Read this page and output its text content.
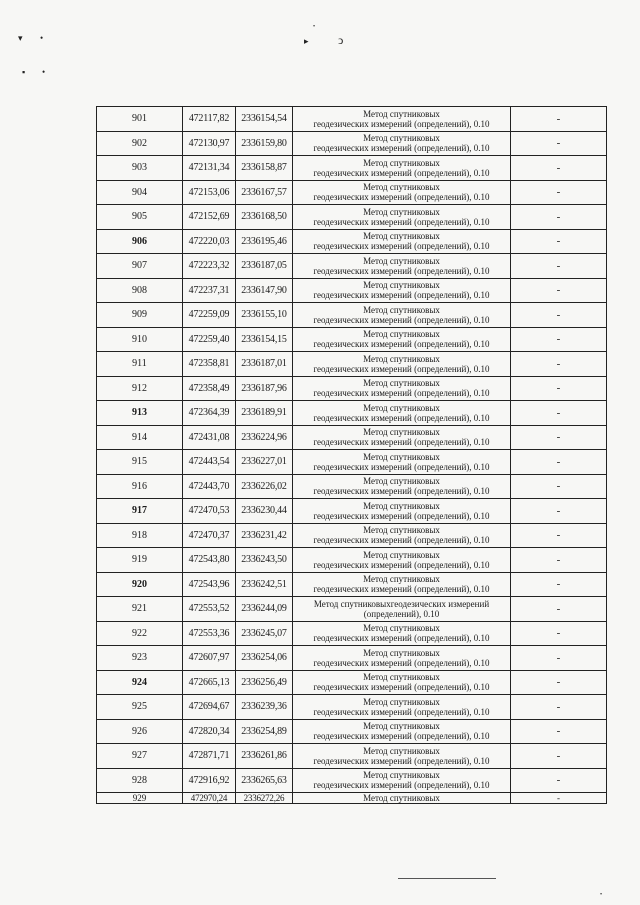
▾ •
▪ •
•
▸ ↄ
•
901	472117,82	2336154,54	Метод спутниковых
геодезических измерений (определений), 0.10	-
902	472130,97	2336159,80	Метод спутниковых
геодезических измерений (определений), 0.10	-
903	472131,34	2336158,87	Метод спутниковых
геодезических измерений (определений), 0.10	-
904	472153,06	2336167,57	Метод спутниковых
геодезических измерений (определений), 0.10	-
905	472152,69	2336168,50	Метод спутниковых
геодезических измерений (определений), 0.10	-
906	472220,03	2336195,46	Метод спутниковых
геодезических измерений (определений), 0.10	-
907	472223,32	2336187,05	Метод спутниковых
геодезических измерений (определений), 0.10	-
908	472237,31	2336147,90	Метод спутниковых
геодезических измерений (определений), 0.10	-
909	472259,09	2336155,10	Метод спутниковых
геодезических измерений (определений), 0.10	-
910	472259,40	2336154,15	Метод спутниковых
геодезических измерений (определений), 0.10	-
911	472358,81	2336187,01	Метод спутниковых
геодезических измерений (определений), 0.10	-
912	472358,49	2336187,96	Метод спутниковых
геодезических измерений (определений), 0.10	-
913	472364,39	2336189,91	Метод спутниковых
геодезических измерений (определений), 0.10	-
914	472431,08	2336224,96	Метод спутниковых
геодезических измерений (определений), 0.10	-
915	472443,54	2336227,01	Метод спутниковых
геодезических измерений (определений), 0.10	-
916	472443,70	2336226,02	Метод спутниковых
геодезических измерений (определений), 0.10	-
917	472470,53	2336230,44	Метод спутниковых
геодезических измерений (определений), 0.10	-
918	472470,37	2336231,42	Метод спутниковых
геодезических измерений (определений), 0.10	-
919	472543,80	2336243,50	Метод спутниковых
геодезических измерений (определений), 0.10	-
920	472543,96	2336242,51	Метод спутниковых
геодезических измерений (определений), 0.10	-
921	472553,52	2336244,09	Метод спутниковыхгеодезических измерений
(определений), 0.10	-
922	472553,36	2336245,07	Метод спутниковых
геодезических измерений (определений), 0.10	-
923	472607,97	2336254,06	Метод спутниковых
геодезических измерений (определений), 0.10	-
924	472665,13	2336256,49	Метод спутниковых
геодезических измерений (определений), 0.10	-
925	472694,67	2336239,36	Метод спутниковых
геодезических измерений (определений), 0.10	-
926	472820,34	2336254,89	Метод спутниковых
геодезических измерений (определений), 0.10	-
927	472871,71	2336261,86	Метод спутниковых
геодезических измерений (определений), 0.10	-
928	472916,92	2336265,63	Метод спутниковых
геодезических измерений (определений), 0.10	-
929	472970,24	2336272,26	Метод спутниковых	-
